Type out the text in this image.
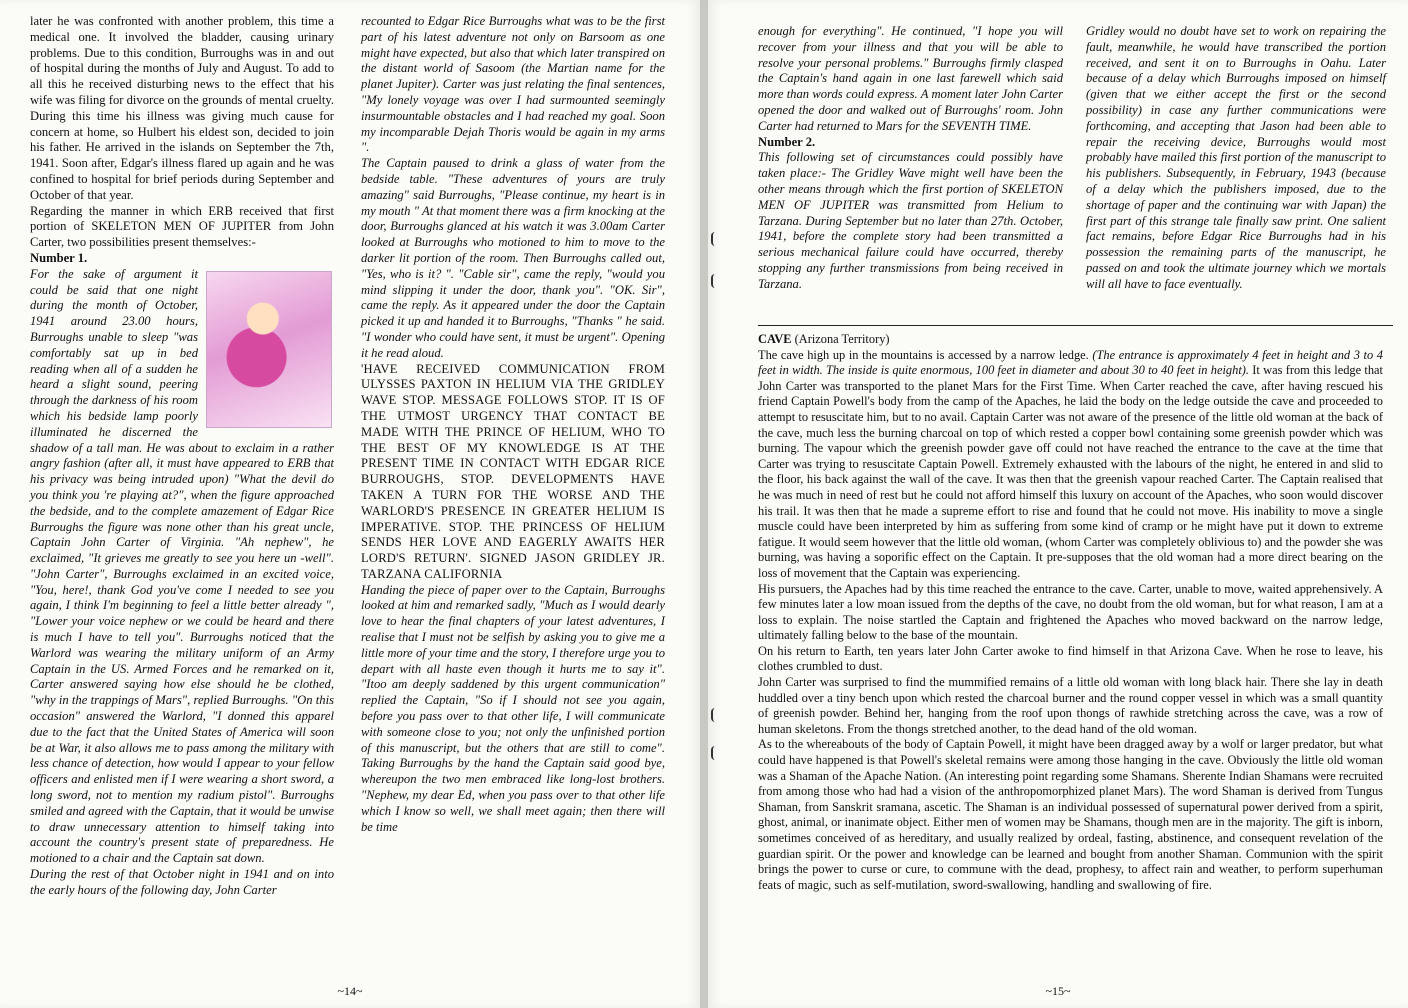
later he was confronted with another problem, this time a medical one. It involved the bladder, causing urinary problems. Due to this condition, Burroughs was in and out of hospital during the months of July and August. To add to all this he received disturbing news to the effect that his wife was filing for divorce on the grounds of mental cruelty. During this time his illness was giving much cause for concern at home, so Hulbert his eldest son, decided to join his father. He arrived in the islands on September the 7th, 1941. Soon after, Edgar's illness flared up again and he was confined to hospital for brief periods during September and October of that year.

Regarding the manner in which ERB received that first portion of SKELETON MEN OF JUPITER from John Carter, two possibilities present themselves:-

Number 1.

For the sake of argument it could be said that one night during the month of October, 1941 around 23.00 hours, Burroughs unable to sleep "was comfortably sat up in bed reading when all of a sudden he heard a slight sound, peering through the darkness of his room which his bedside lamp poorly illuminated he discerned the shadow of a tall man. He was about to exclaim in a rather angry fashion (after all, it must have appeared to ERB that his privacy was being intruded upon) "What the devil do you think you 're playing at?", when the figure approached the bedside, and to the complete amazement of Edgar Rice Burroughs the figure was none other than his great uncle, Captain John Carter of Virginia. "Ah nephew", he exclaimed, "It grieves me greatly to see you here un -well". "John Carter", Burroughs exclaimed in an excited voice, "You, here!, thank God you've come I needed to see you again, I think I'm beginning to feel a little better already ", "Lower your voice nephew or we could be heard and there is much I have to tell you". Burroughs noticed that the Warlord was wearing the military uniform of an Army Captain in the US. Armed Forces and he remarked on it, Carter answered saying how else should he be clothed, "why in the trappings of Mars", replied Burroughs. "On this occasion" answered the Warlord, "I donned this apparel due to the fact that the United States of America will soon be at War, it also allows me to pass among the military with less chance of detection, how would I appear to your fellow officers and enlisted men if I were wearing a short sword, a long sword, not to mention my radium pistol". Burroughs smiled and agreed with the Captain, that it would be unwise to draw unnecessary attention to himself taking into account the country's present state of preparedness. He motioned to a chair and the Captain sat down.

During the rest of that October night in 1941 and on into the early hours of the following day, John Carter

recounted to Edgar Rice Burroughs what was to be the first part of his latest adventure not only on Barsoom as one might have expected, but also that which later transpired on the distant world of Sasoom (the Martian name for the planet Jupiter). Carter was just relating the final sentences, "My lonely voyage was over I had surmounted seemingly insurmountable obstacles and I had reached my goal. Soon my incomparable Dejah Thoris would be again in my arms ".

The Captain paused to drink a glass of water from the bedside table. "These adventures of yours are truly amazing" said Burroughs, "Please continue, my heart is in my mouth " At that moment there was a firm knocking at the door, Burroughs glanced at his watch it was 3.00am Carter looked at Burroughs who motioned to him to move to the darker lit portion of the room. Then Burroughs called out, "Yes, who is it? ". "Cable sir", came the reply, "would you mind slipping it under the door, thank you". "OK. Sir", came the reply. As it appeared under the door the Captain picked it up and handed it to Burroughs, "Thanks " he said. "I wonder who could have sent, it must be urgent". Opening it he read aloud.

'HAVE RECEIVED COMMUNICATION FROM ULYSSES PAXTON IN HELIUM VIA THE GRIDLEY WAVE STOP. MESSAGE FOLLOWS STOP. IT IS OF THE UTMOST URGENCY THAT CONTACT BE MADE WITH THE PRINCE OF HELIUM, WHO TO THE BEST OF MY KNOWLEDGE IS AT THE PRESENT TIME IN CONTACT WITH EDGAR RICE BURROUGHS, STOP. DEVELOPMENTS HAVE TAKEN A TURN FOR THE WORSE AND THE WARLORD'S PRESENCE IN GREATER HELIUM IS IMPERATIVE. STOP. THE PRINCESS OF HELIUM SENDS HER LOVE AND EAGERLY AWAITS HER LORD'S RETURN'. SIGNED JASON GRIDLEY JR. TARZANA CALIFORNIA

Handing the piece of paper over to the Captain, Burroughs looked at him and remarked sadly, "Much as I would dearly love to hear the final chapters of your latest adventures, I realise that I must not be selfish by asking you to give me a little more of your time and the story, I therefore urge you to depart with all haste even though it hurts me to say it". "Itoo am deeply saddened by this urgent communication" replied the Captain, "So if I should not see you again, before you pass over to that other life, I will communicate with someone close to you; not only the unfinished portion of this manuscript, but the others that are still to come". Taking Burroughs by the hand the Captain said good bye, whereupon the two men embraced like long-lost brothers. "Nephew, my dear Ed, when you pass over to that other life which I know so well, we shall meet again; then there will be time

~14~

enough for everything". He continued, "I hope you will recover from your illness and that you will be able to resolve your personal problems." Burroughs firmly clasped the Captain's hand again in one last farewell which said more than words could express. A moment later John Carter opened the door and walked out of Burroughs' room. John Carter had returned to Mars for the SEVENTH TIME.

Number 2.

This following set of circumstances could possibly have taken place:- The Gridley Wave might well have been the other means through which the first portion of SKELETON MEN OF JUPITER was transmitted from Helium to Tarzana. During September but no later than 27th. October, 1941, before the complete story had been transmitted a serious mechanical failure could have occurred, thereby stopping any further transmissions from being received in Tarzana.

Gridley would no doubt have set to work on repairing the fault, meanwhile, he would have transcribed the portion received, and sent it on to Burroughs in Oahu. Later because of a delay which Burroughs imposed on himself (given that we either accept the first or the second possibility) in case any further communications were forthcoming, and accepting that Jason had been able to repair the receiving device, Burroughs would most probably have mailed this first portion of the manuscript to his publishers. Subsequently, in February, 1943 (because of a delay which the publishers imposed, due to the shortage of paper and the continuing war with Japan) the first part of this strange tale finally saw print. One salient fact remains, before Edgar Rice Burroughs had in his possession the remaining parts of the manuscript, he passed on and took the ultimate journey which we mortals will all have to face eventually.

CAVE (Arizona Territory)

The cave high up in the mountains is accessed by a narrow ledge. (The entrance is approximately 4 feet in height and 3 to 4 feet in width. The inside is quite enormous, 100 feet in diameter and about 30 to 40 feet in height). It was from this ledge that John Carter was transported to the planet Mars for the First Time. When Carter reached the cave, after having rescued his friend Captain Powell's body from the camp of the Apaches, he laid the body on the ledge outside the cave and proceeded to attempt to resuscitate him, but to no avail. Captain Carter was not aware of the presence of the little old woman at the back of the cave, much less the burning charcoal on top of which rested a copper bowl containing some greenish powder which was burning. The vapour which the greenish powder gave off could not have reached the entrance to the cave at the time that Carter was trying to resuscitate Captain Powell. Extremely exhausted with the labours of the night, he entered in and slid to the floor, his back against the wall of the cave. It was then that the greenish vapour reached Carter. The Captain realised that he was much in need of rest but he could not afford himself this luxury on account of the Apaches, who soon would discover his trail. It was then that he made a supreme effort to rise and found that he could not move. His inability to move a single muscle could have been interpreted by him as suffering from some kind of cramp or he might have put it down to extreme fatigue. It would seem however that the little old woman, (whom Carter was completely oblivious to) and the powder she was burning, was having a soporific effect on the Captain. It pre-supposes that the old woman had a more direct bearing on the loss of movement that the Captain was experiencing.

His pursuers, the Apaches had by this time reached the entrance to the cave. Carter, unable to move, waited apprehensively. A few minutes later a low moan issued from the depths of the cave, no doubt from the old woman, but for what reason, I am at a loss to explain. The noise startled the Captain and frightened the Apaches who moved backward on the narrow ledge, ultimately falling below to the base of the mountain.

On his return to Earth, ten years later John Carter awoke to find himself in that Arizona Cave. When he rose to leave, his clothes crumbled to dust.

John Carter was surprised to find the mummified remains of a little old woman with long black hair. There she lay in death huddled over a tiny bench upon which rested the charcoal burner and the round copper vessel in which was a small quantity of greenish powder. Behind her, hanging from the roof upon thongs of rawhide stretching across the cave, was a row of human skeletons. From the thongs stretched another, to the dead hand of the old woman.

As to the whereabouts of the body of Captain Powell, it might have been dragged away by a wolf or larger predator, but what could have happened is that Powell's skeletal remains were among those hanging in the cave. Obviously the little old woman was a Shaman of the Apache Nation. (An interesting point regarding some Shamans. Sherente Indian Shamans were recruited from among those who had had a vision of the anthropomorphized planet Mars). The word Shaman is derived from Tungus Shaman, from Sanskrit sramana, ascetic. The Shaman is an individual possessed of supernatural power derived from a spirit, ghost, animal, or inanimate object. Either men of women may be Shamans, though men are in the majority. The gift is inborn, sometimes conceived of as hereditary, and usually realized by ordeal, fasting, abstinence, and consequent revelation of the guardian spirit. Or the power and knowledge can be learned and bought from another Shaman. Communion with the spirit brings the power to curse or cure, to commune with the dead, prophesy, to affect rain and weather, to perform superhuman feats of magic, such as self-mutilation, sword-swallowing, handling and swallowing of fire.

~15~
